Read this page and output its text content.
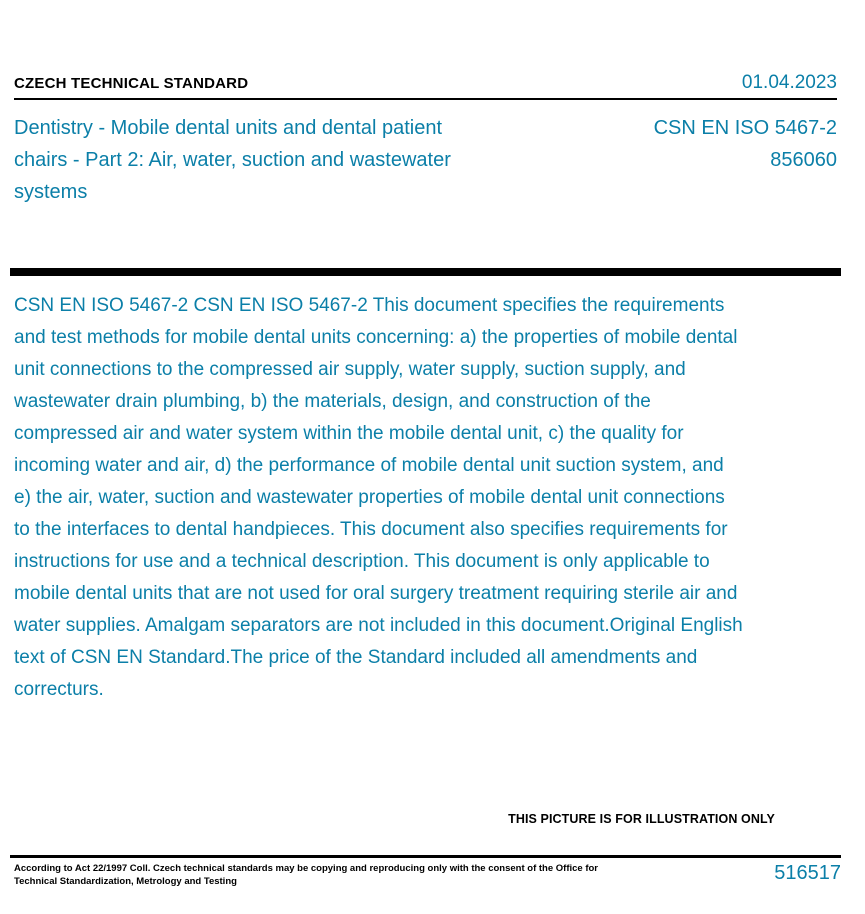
CZECH TECHNICAL STANDARD	01.04.2023
Dentistry - Mobile dental units and dental patient chairs - Part 2: Air, water, suction and wastewater systems
CSN EN ISO 5467-2
856060

CSN EN ISO 5467-2 CSN EN ISO 5467-2 This document specifies the requirements and test methods for mobile dental units concerning: a) the properties of mobile dental unit connections to the compressed air supply, water supply, suction supply, and wastewater drain plumbing, b) the materials, design, and construction of the compressed air and water system within the mobile dental unit, c) the quality for incoming water and air, d) the performance of mobile dental unit suction system, and e) the air, water, suction and wastewater properties of mobile dental unit connections to the interfaces to dental handpieces. This document also specifies requirements for instructions for use and a technical description. This document is only applicable to mobile dental units that are not used for oral surgery treatment requiring sterile air and water supplies. Amalgam separators are not included in this document.Original English text of CSN EN Standard.The price of the Standard included all amendments and correcturs.

THIS PICTURE IS FOR ILLUSTRATION ONLY
According to Act 22/1997 Coll. Czech technical standards may be copying and reproducing only with the consent of the Office for Technical Standardization, Metrology and Testing	516517
